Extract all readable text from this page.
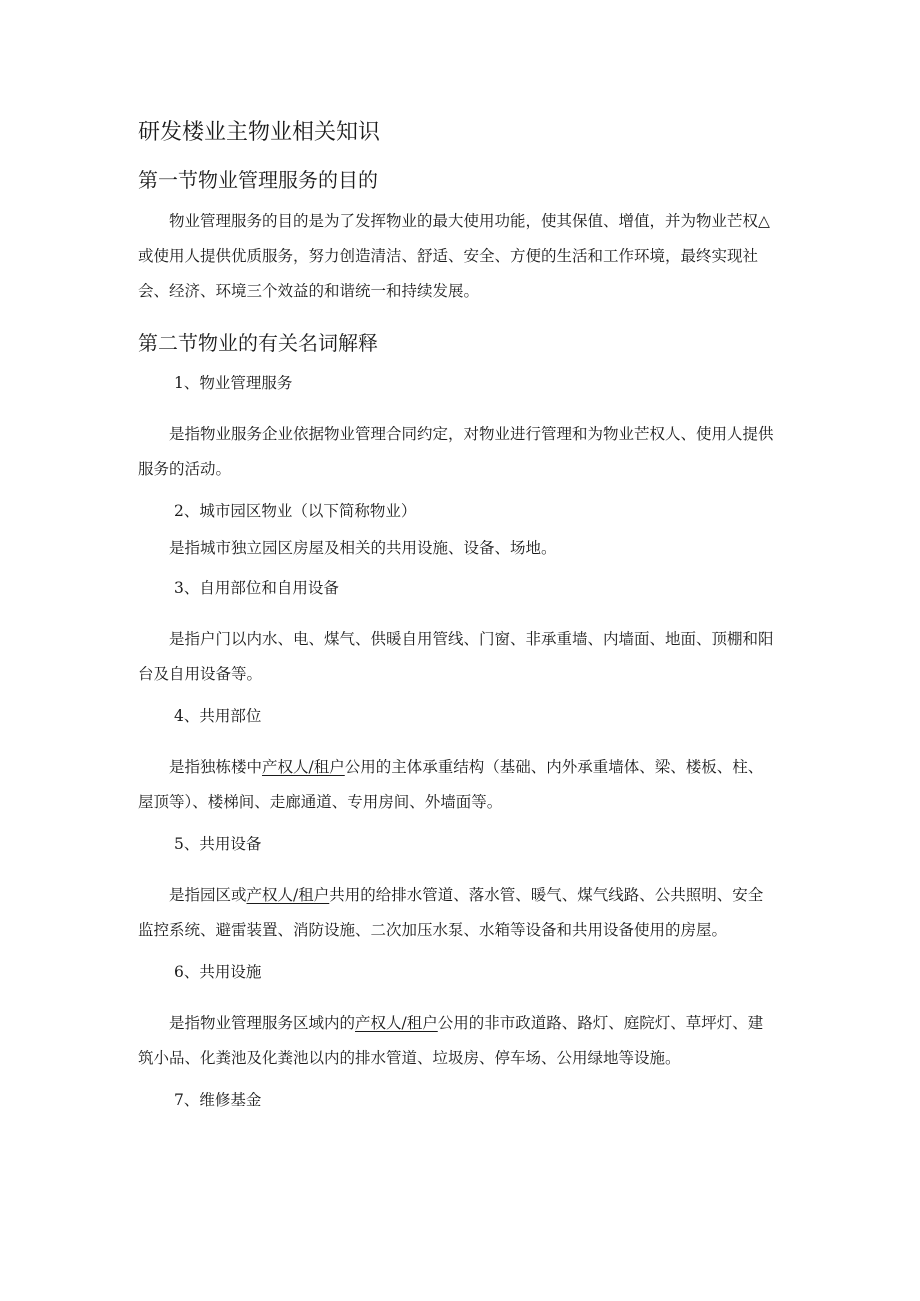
研发楼业主物业相关知识
第一节物业管理服务的目的

物业管理服务的目的是为了发挥物业的最大使用功能，使其保值、增值，并为物业芒权△或使用人提供优质服务，努力创造清洁、舒适、安全、方便的生活和工作环境，最终实现社会、经济、环境三个效益的和谐统一和持续发展。

第二节物业的有关名词解释

1、物业管理服务

是指物业服务企业依据物业管理合同约定，对物业进行管理和为物业芒权人、使用人提供服务的活动。

2、城市园区物业（以下简称物业）

是指城市独立园区房屋及相关的共用设施、设备、场地。

3、自用部位和自用设备

是指户门以内水、电、煤气、供暖自用管线、门窗、非承重墙、内墙面、地面、顶棚和阳台及自用设备等。

4、共用部位

是指独栋楼中产权人/租户公用的主体承重结构（基础、内外承重墙体、梁、楼板、柱、屋顶等）、楼梯间、走廊通道、专用房间、外墙面等。

5、共用设备

是指园区或产权人/租户共用的给排水管道、落水管、暖气、煤气线路、公共照明、安全监控系统、避雷装置、消防设施、二次加压水泵、水箱等设备和共用设备使用的房屋。

6、共用设施

是指物业管理服务区域内的产权人/租户公用的非市政道路、路灯、庭院灯、草坪灯、建筑小品、化粪池及化粪池以内的排水管道、垃圾房、停车场、公用绿地等设施。

7、维修基金
